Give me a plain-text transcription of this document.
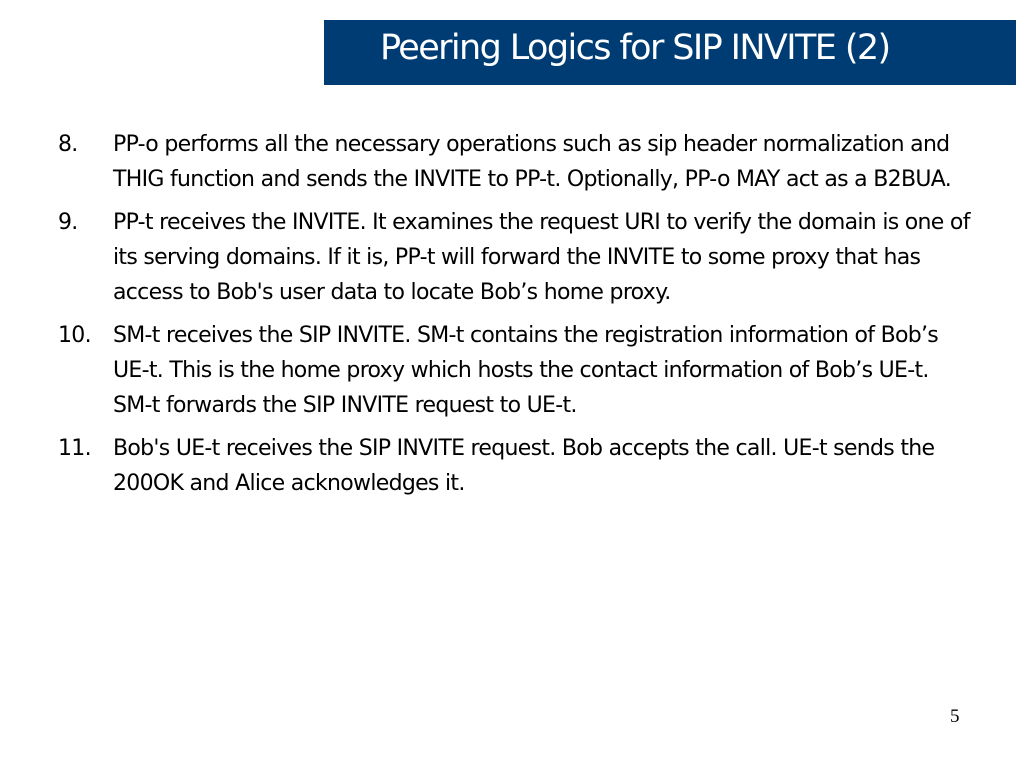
Peering Logics for SIP INVITE (2)
8.	PP-o performs all the necessary operations such as sip header normalization and THIG function and sends the INVITE to PP-t. Optionally, PP-o MAY act as a B2BUA.
9.	PP-t receives the INVITE. It examines the request URI to verify the domain is one of its serving domains. If it is, PP-t will forward the INVITE to some proxy that has access to Bob's user data to locate Bob’s home proxy.
10.	SM-t receives the SIP INVITE. SM-t contains the registration information of Bob’s UE-t. This is the home proxy which hosts the contact information of Bob’s UE-t. SM-t forwards the SIP INVITE request to UE-t.
11.	Bob's UE-t receives the SIP INVITE request. Bob accepts the call. UE-t sends the 200OK and Alice acknowledges it.
5
